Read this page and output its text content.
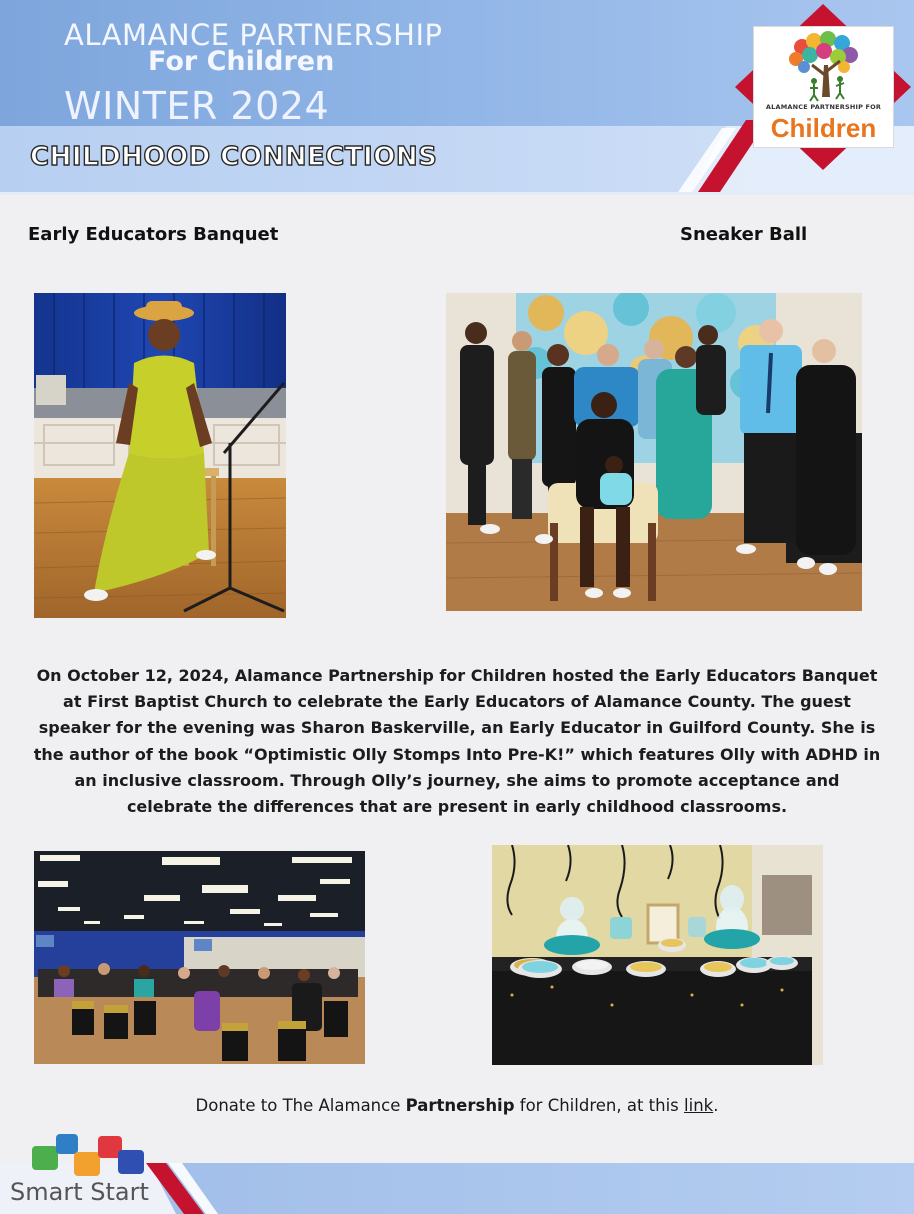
ALAMANCE PARTNERSHIP
For Children
WINTER 2024
CHILDHOOD CONNECTIONS
ALAMANCE PARTNERSHIP FOR
Children
Early Educators Banquet	Sneaker Ball
On October 12, 2024, Alamance Partnership for Children hosted the Early Educators Banquet at First Baptist Church to celebrate the Early Educators of Alamance County. The guest speaker for the evening was Sharon Baskerville, an Early Educator in Guilford County. She is the author of the book “Optimistic Olly Stomps Into Pre-K!” which features Olly with ADHD in an inclusive classroom. Through Olly’s journey, she aims to promote acceptance and celebrate the differences that are present in early childhood classrooms.
Donate to The Alamance Partnership for Children, at this link.
Smart Start
